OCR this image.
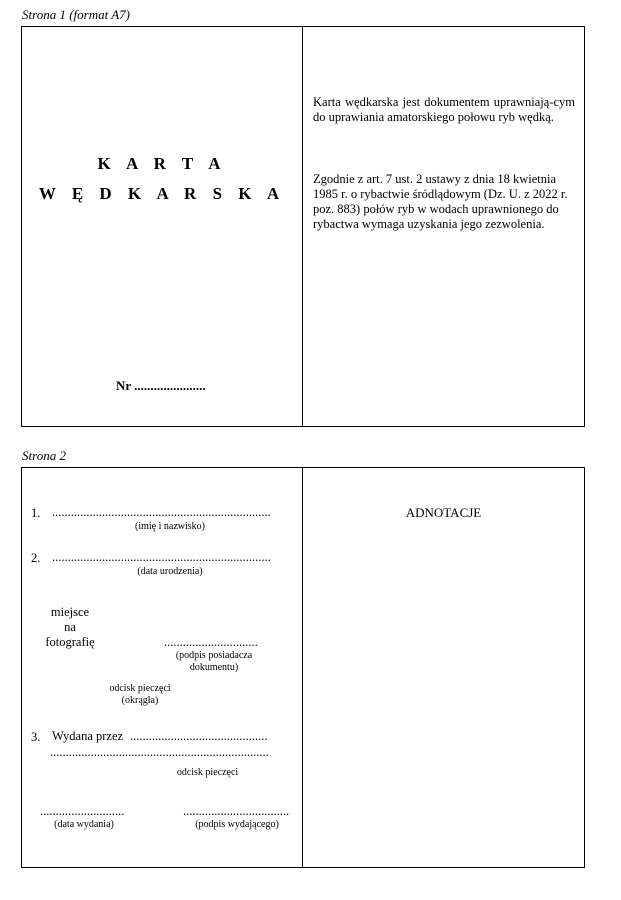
Strona 1 (format A7)
K A R T A
W Ę D K A R S K A
Nr ......................
Karta wędkarska jest dokumentem uprawniają-cym do uprawiania amatorskiego połowu ryb wędką.
Zgodnie z art. 7 ust. 2 ustawy z dnia 18 kwietnia 1985 r. o rybactwie śródlądowym (Dz. U. z 2022 r. poz. 883) połów ryb w wodach uprawnionego do rybactwa wymaga uzyskania jego zezwolenia.
Strona 2
1. ......................................................................
(imię i nazwisko)
2. ......................................................................
(data urodzenia)
miejsce
na
fotografię	..............................
(podpis posiadacza
dokumentu)
odcisk pieczęci
(okrągła)
3. Wydana przez ............................................
......................................................................
odcisk pieczęci
...........................
(data wydania)
..................................
(podpis wydającego)
ADNOTACJE
